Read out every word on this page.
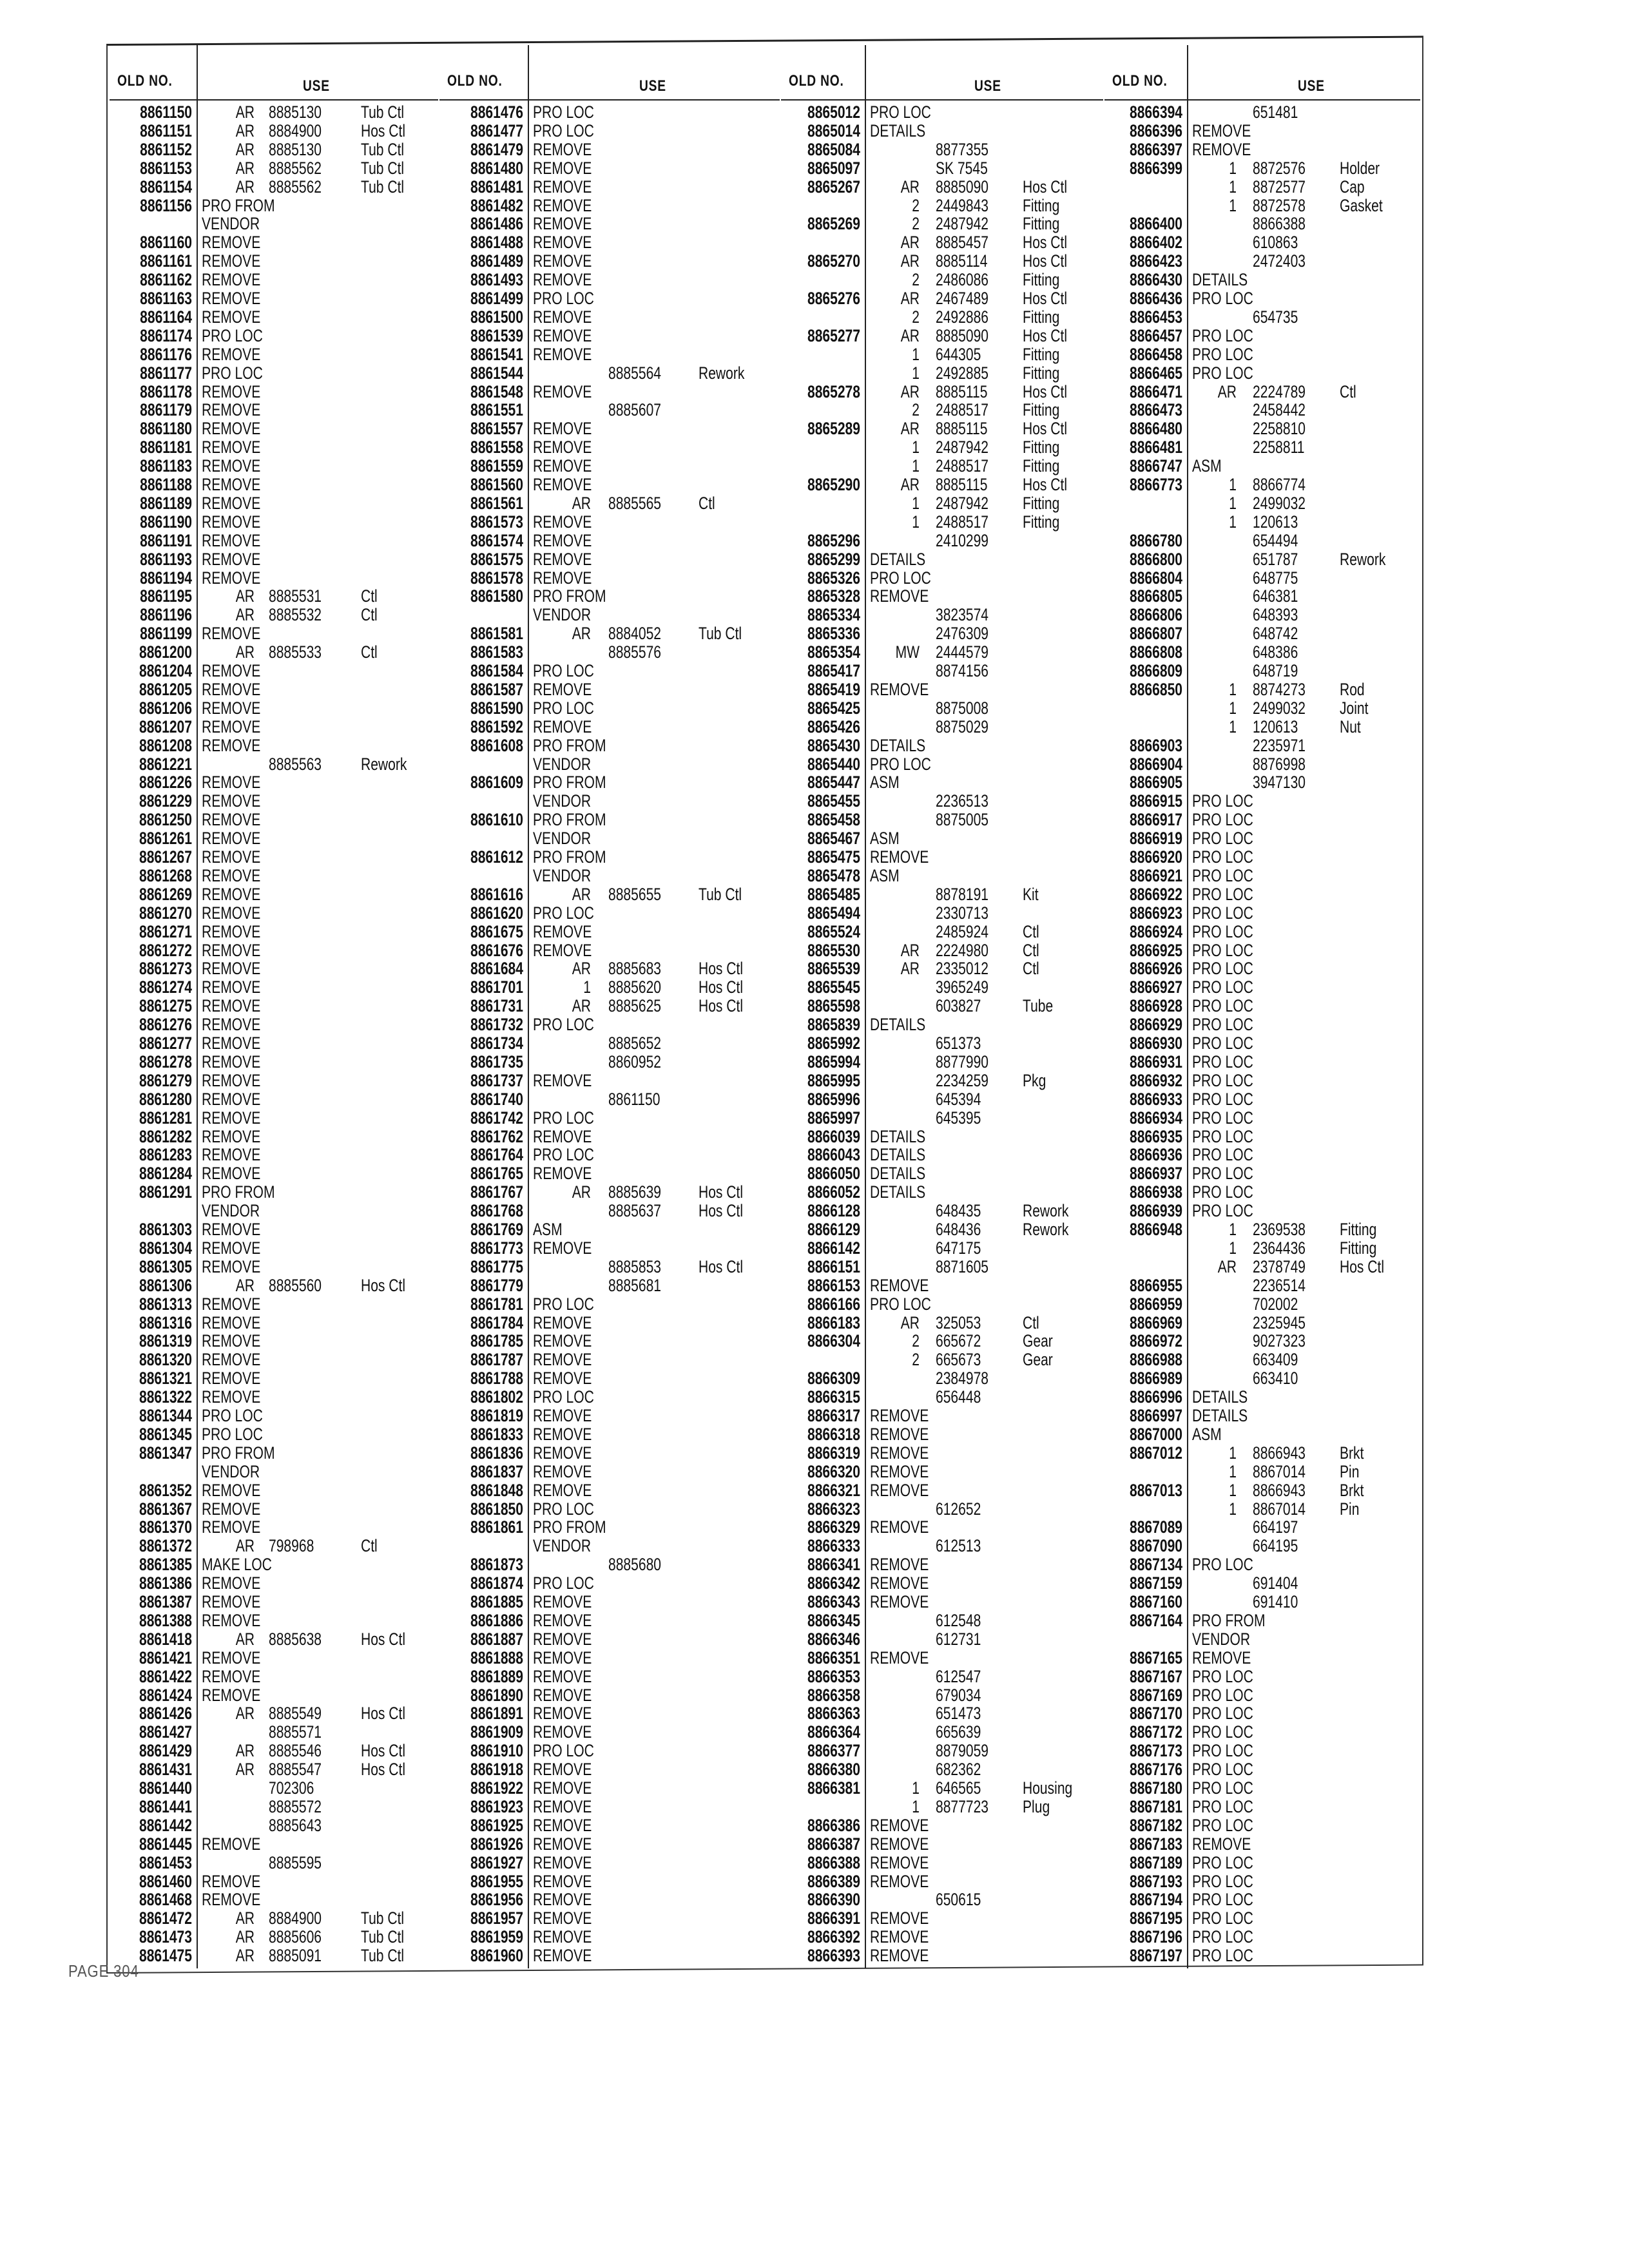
OLD NO.	USE
8861150	AR 8885130 Tub Ctl
8861151	AR 8884900 Hos Ctl
8861152	AR 8885130 Tub Ctl
8861153	AR 8885562 Tub Ctl
8861154	AR 8885562 Tub Ctl
8861156 PRO FROM
VENDOR
8861160 REMOVE
8861161 REMOVE
8861162 REMOVE
8861163 REMOVE
8861164 REMOVE
8861174 PRO LOC
8861176 REMOVE
8861177 PRO LOC
8861178 REMOVE
8861179 REMOVE
8861180 REMOVE
8861181 REMOVE
8861183 REMOVE
8861188 REMOVE
8861189 REMOVE
8861190 REMOVE
8861191 REMOVE
8861193 REMOVE
8861194 REMOVE
8861195	AR 8885531 Ctl
8861196	AR 8885532 Ctl
8861199 REMOVE
8861200	AR 8885533 Ctl
8861204 REMOVE
8861205 REMOVE
8861206 REMOVE
8861207 REMOVE
8861208 REMOVE
8861221	8885563 Rework
8861226 REMOVE
8861229 REMOVE
8861250 REMOVE
8861261 REMOVE
8861267 REMOVE
8861268 REMOVE
8861269 REMOVE
8861270 REMOVE
8861271 REMOVE
8861272 REMOVE
8861273 REMOVE
8861274 REMOVE
8861275 REMOVE
8861276 REMOVE
8861277 REMOVE
8861278 REMOVE
8861279 REMOVE
8861280 REMOVE
8861281 REMOVE
8861282 REMOVE
8861283 REMOVE
8861284 REMOVE
8861291 PRO FROM
VENDOR
8861303 REMOVE
8861304 REMOVE
8861305 REMOVE
8861306	AR 8885560 Hos Ctl
8861313 REMOVE
8861316 REMOVE
8861319 REMOVE
8861320 REMOVE
8861321 REMOVE
8861322 REMOVE
8861344 PRO LOC
8861345 PRO LOC
8861347 PRO FROM
VENDOR
8861352 REMOVE
8861367 REMOVE
8861370 REMOVE
8861372	AR 798968	Ctl
8861385 MAKE LOC
8861386 REMOVE
8861387 REMOVE
8861388 REMOVE
8861418	AR 8885638 Hos Ctl
8861421 REMOVE
8861422 REMOVE
8861424 REMOVE
8861426	AR 8885549 Hos Ctl
8861427	8885571
8861429	AR 8885546 Hos Ctl
8861431	AR 8885547 Hos Ctl
8861440	702306
8861441	8885572
8861442	8885643
8861445 REMOVE
8861453	8885595
8861460 REMOVE
8861468 REMOVE
8861472	AR 8884900 Tub Ctl
8861473	AR 8885606 Tub Ctl
8861475	AR 8885091 Tub Ctl
OLD NO.	USE
8861476 PRO LOC
8861477 PRO LOC
8861479 REMOVE
8861480 REMOVE
8861481 REMOVE
8861482 REMOVE
8861486 REMOVE
8861488 REMOVE
8861489 REMOVE
8861493 REMOVE
8861499 PRO LOC
8861500 REMOVE
8861539 REMOVE
8861541 REMOVE
8861544	8885564 Rework
8861548 REMOVE
8861551	8885607
8861557 REMOVE
8861558 REMOVE
8861559 REMOVE
8861560 REMOVE
8861561	AR 8885565 Ctl
8861573 REMOVE
8861574 REMOVE
8861575 REMOVE
8861578 REMOVE
8861580 PRO FROM
VENDOR
8861581	AR 8884052 Tub Ctl
8861583	8885576
8861584 PRO LOC
8861587 REMOVE
8861590 PRO LOC
8861592 REMOVE
8861608 PRO FROM
VENDOR
8861609 PRO FROM
VENDOR
8861610 PRO FROM
VENDOR
8861612 PRO FROM
VENDOR
8861616	AR 8885655 Tub Ctl
8861620 PRO LOC
8861675 REMOVE
8861676 REMOVE
8861684	AR 8885683 Hos Ctl
8861701	1 8885620 Hos Ctl
8861731	AR 8885625 Hos Ctl
8861732 PRO LOC
8861734	8885652
8861735	8860952
8861737 REMOVE
8861740	8861150
8861742 PRO LOC
8861762 REMOVE
8861764 PRO LOC
8861765 REMOVE
8861767	AR 8885639 Hos Ctl
8861768	8885637 Hos Ctl
8861769 ASM
8861773 REMOVE
8861775	8885853 Hos Ctl
8861779	8885681
8861781 PRO LOC
8861784 REMOVE
8861785 REMOVE
8861787 REMOVE
8861788 REMOVE
8861802 PRO LOC
8861819 REMOVE
8861833 REMOVE
8861836 REMOVE
8861837 REMOVE
8861848 REMOVE
8861850 PRO LOC
8861861 PRO FROM
VENDOR
8861873	8885680
8861874 PRO LOC
8861885 REMOVE
8861886 REMOVE
8861887 REMOVE
8861888 REMOVE
8861889 REMOVE
8861890 REMOVE
8861891 REMOVE
8861909 REMOVE
8861910 PRO LOC
8861918 REMOVE
8861922 REMOVE
8861923 REMOVE
8861925 REMOVE
8861926 REMOVE
8861927 REMOVE
8861955 REMOVE
8861956 REMOVE
8861957 REMOVE
8861959 REMOVE
8861960 REMOVE
OLD NO.	USE
8865012 PRO LOC
8865014 DETAILS
8865084	8877355
8865097	SK 7545
8865267	AR 8885090 Hos Ctl
2 2449843 Fitting
8865269	2 2487942 Fitting
AR 8885457 Hos Ctl
8865270	AR 8885114 Hos Ctl
2 2486086 Fitting
8865276	AR 2467489 Hos Ctl
2 2492886 Fitting
8865277	AR 8885090 Hos Ctl
1 644305 Fitting
1 2492885 Fitting
8865278	AR 8885115 Hos Ctl
2 2488517 Fitting
8865289	AR 8885115 Hos Ctl
1 2487942 Fitting
1 2488517 Fitting
8865290	AR 8885115 Hos Ctl
1 2487942 Fitting
1 2488517 Fitting
8865296	2410299
8865299 DETAILS
8865326 PRO LOC
8865328 REMOVE
8865334	3823574
8865336	2476309
8865354 MW 2444579
8865417	8874156
8865419 REMOVE
8865425	8875008
8865426	8875029
8865430 DETAILS
8865440 PRO LOC
8865447 ASM
8865455	2236513
8865458	8875005
8865467 ASM
8865475 REMOVE
8865478 ASM
8865485	8878191 Kit
8865494	2330713
8865524	2485924 Ctl
8865530	AR 2224980 Ctl
8865539	AR 2335012 Ctl
8865545	3965249
8865598	603827 Tube
8865839 DETAILS
8865992	651373
8865994	8877990
8865995	2234259 Pkg
8865996	645394
8865997	645395
8866039 DETAILS
8866043 DETAILS
8866050 DETAILS
8866052 DETAILS
8866128	648435 Rework
8866129	648436 Rework
8866142	647175
8866151	8871605
8866153 REMOVE
8866166 PRO LOC
8866183	AR 325053 Ctl
8866304	2 665672 Gear
2 665673 Gear
8866309	2384978
8866315	656448
8866317 REMOVE
8866318 REMOVE
8866319 REMOVE
8866320 REMOVE
8866321 REMOVE
8866323	612652
8866329 REMOVE
8866333	612513
8866341 REMOVE
8866342 REMOVE
8866343 REMOVE
8866345	612548
8866346	612731
8866351 REMOVE
8866353	612547
8866358	679034
8866363	651473
8866364	665639
8866377	8879059
8866380	682362
8866381	1 646565 Housing
1 8877723 Plug
8866386 REMOVE
8866387 REMOVE
8866388 REMOVE
8866389 REMOVE
8866390	650615
8866391 REMOVE
8866392 REMOVE
8866393 REMOVE
OLD NO.	USE
8866394	651481
8866396 REMOVE
8866397 REMOVE
8866399	1 8872576 Holder
1 8872577 Cap
1 8872578 Gasket
8866400	8866388
8866402	610863
8866423	2472403
8866430 DETAILS
8866436 PRO LOC
8866453	654735
8866457 PRO LOC
8866458 PRO LOC
8866465 PRO LOC
8866471	AR 2224789 Ctl
8866473	2458442
8866480	2258810
8866481	2258811
8866747 ASM
8866773	1 8866774
1 2499032
1 120613
8866780	654494
8866800	651787 Rework
8866804	648775
8866805	646381
8866806	648393
8866807	648742
8866808	648386
8866809	648719
8866850	1 8874273 Rod
1 2499032 Joint
1 120613 Nut
8866903	2235971
8866904	8876998
8866905	3947130
8866915 PRO LOC
8866917 PRO LOC
8866919 PRO LOC
8866920 PRO LOC
8866921 PRO LOC
8866922 PRO LOC
8866923 PRO LOC
8866924 PRO LOC
8866925 PRO LOC
8866926 PRO LOC
8866927 PRO LOC
8866928 PRO LOC
8866929 PRO LOC
8866930 PRO LOC
8866931 PRO LOC
8866932 PRO LOC
8866933 PRO LOC
8866934 PRO LOC
8866935 PRO LOC
8866936 PRO LOC
8866937 PRO LOC
8866938 PRO LOC
8866939 PRO LOC
8866948	1 2369538 Fitting
1 2364436 Fitting
AR 2378749 Hos Ctl
8866955	2236514
8866959	702002
8866969	2325945
8866972	9027323
8866988	663409
8866989	663410
8866996 DETAILS
8866997 DETAILS
8867000 ASM
8867012	1 8866943 Brkt
1 8867014 Pin
8867013	1 8866943 Brkt
1 8867014 Pin
8867089	664197
8867090	664195
8867134 PRO LOC
8867159	691404
8867160	691410
8867164 PRO FROM
VENDOR
8867165 REMOVE
8867167 PRO LOC
8867169 PRO LOC
8867170 PRO LOC
8867172 PRO LOC
8867173 PRO LOC
8867176 PRO LOC
8867180 PRO LOC
8867181 PRO LOC
8867182 PRO LOC
8867183 REMOVE
8867189 PRO LOC
8867193 PRO LOC
8867194 PRO LOC
8867195 PRO LOC
8867196 PRO LOC
8867197 PRO LOC
PAGE 304
